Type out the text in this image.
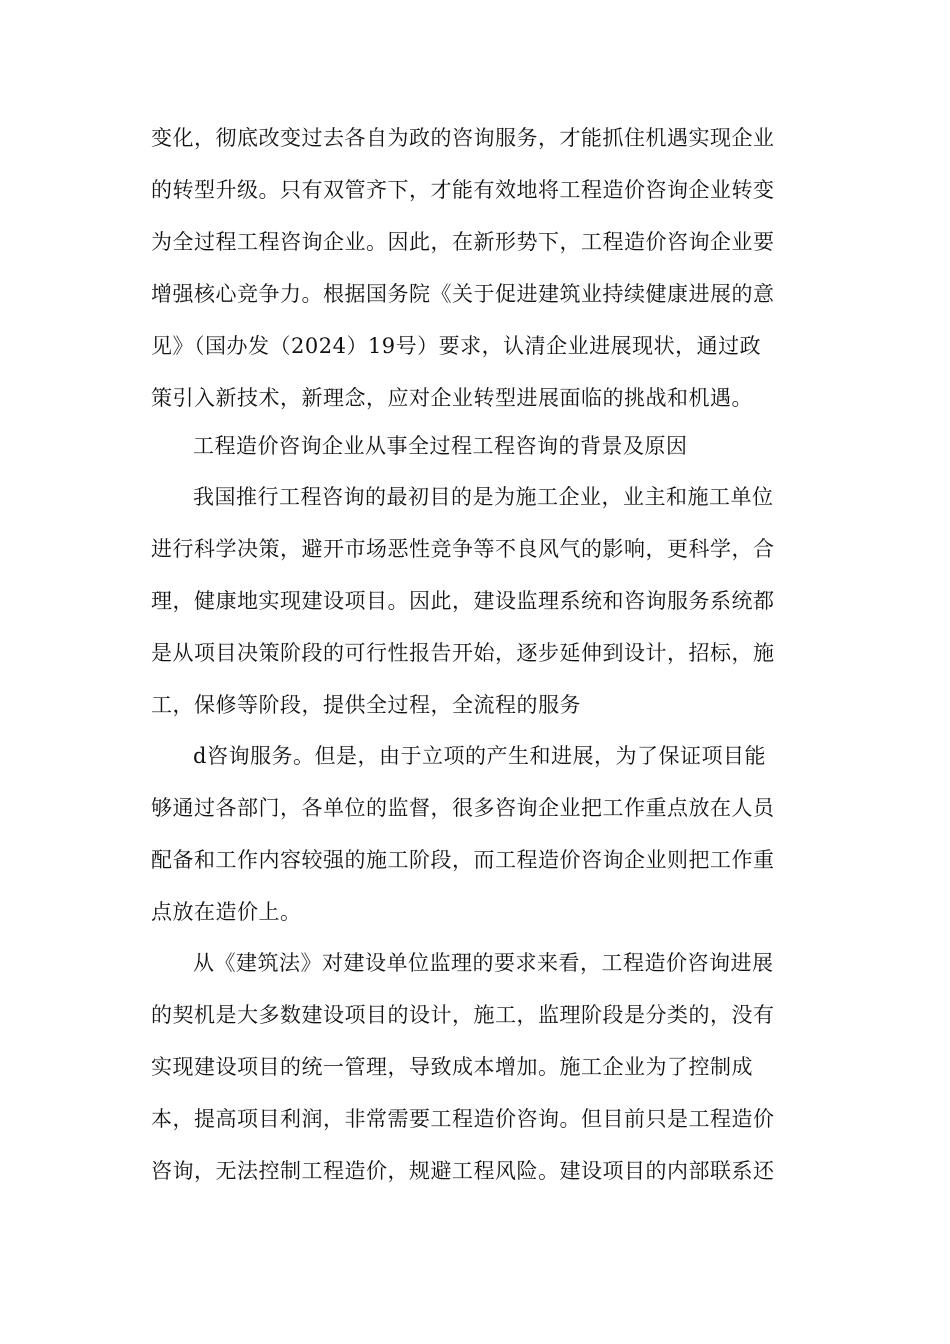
变化，彻底改变过去各自为政的咨询服务，才能抓住机遇实现企业
的转型升级。只有双管齐下，才能有效地将工程造价咨询企业转变
为全过程工程咨询企业。因此，在新形势下，工程造价咨询企业要
增强核心竞争力。根据国务院《关于促进建筑业持续健康进展的意
见》（国办发（2024）19号）要求，认清企业进展现状，通过政
策引入新技术，新理念，应对企业转型进展面临的挑战和机遇。
工程造价咨询企业从事全过程工程咨询的背景及原因
我国推行工程咨询的最初目的是为施工企业，业主和施工单位
进行科学决策，避开市场恶性竞争等不良风气的影响，更科学，合
理，健康地实现建设项目。因此，建设监理系统和咨询服务系统都
是从项目决策阶段的可行性报告开始，逐步延伸到设计，招标，施
工，保修等阶段，提供全过程，全流程的服务
d咨询服务。但是，由于立项的产生和进展，为了保证项目能
够通过各部门，各单位的监督，很多咨询企业把工作重点放在人员
配备和工作内容较强的施工阶段，而工程造价咨询企业则把工作重
点放在造价上。
从《建筑法》对建设单位监理的要求来看，工程造价咨询进展
的契机是大多数建设项目的设计，施工，监理阶段是分类的，没有
实现建设项目的统一管理，导致成本增加。施工企业为了控制成
本，提高项目利润，非常需要工程造价咨询。但目前只是工程造价
咨询，无法控制工程造价，规避工程风险。建设项目的内部联系还
